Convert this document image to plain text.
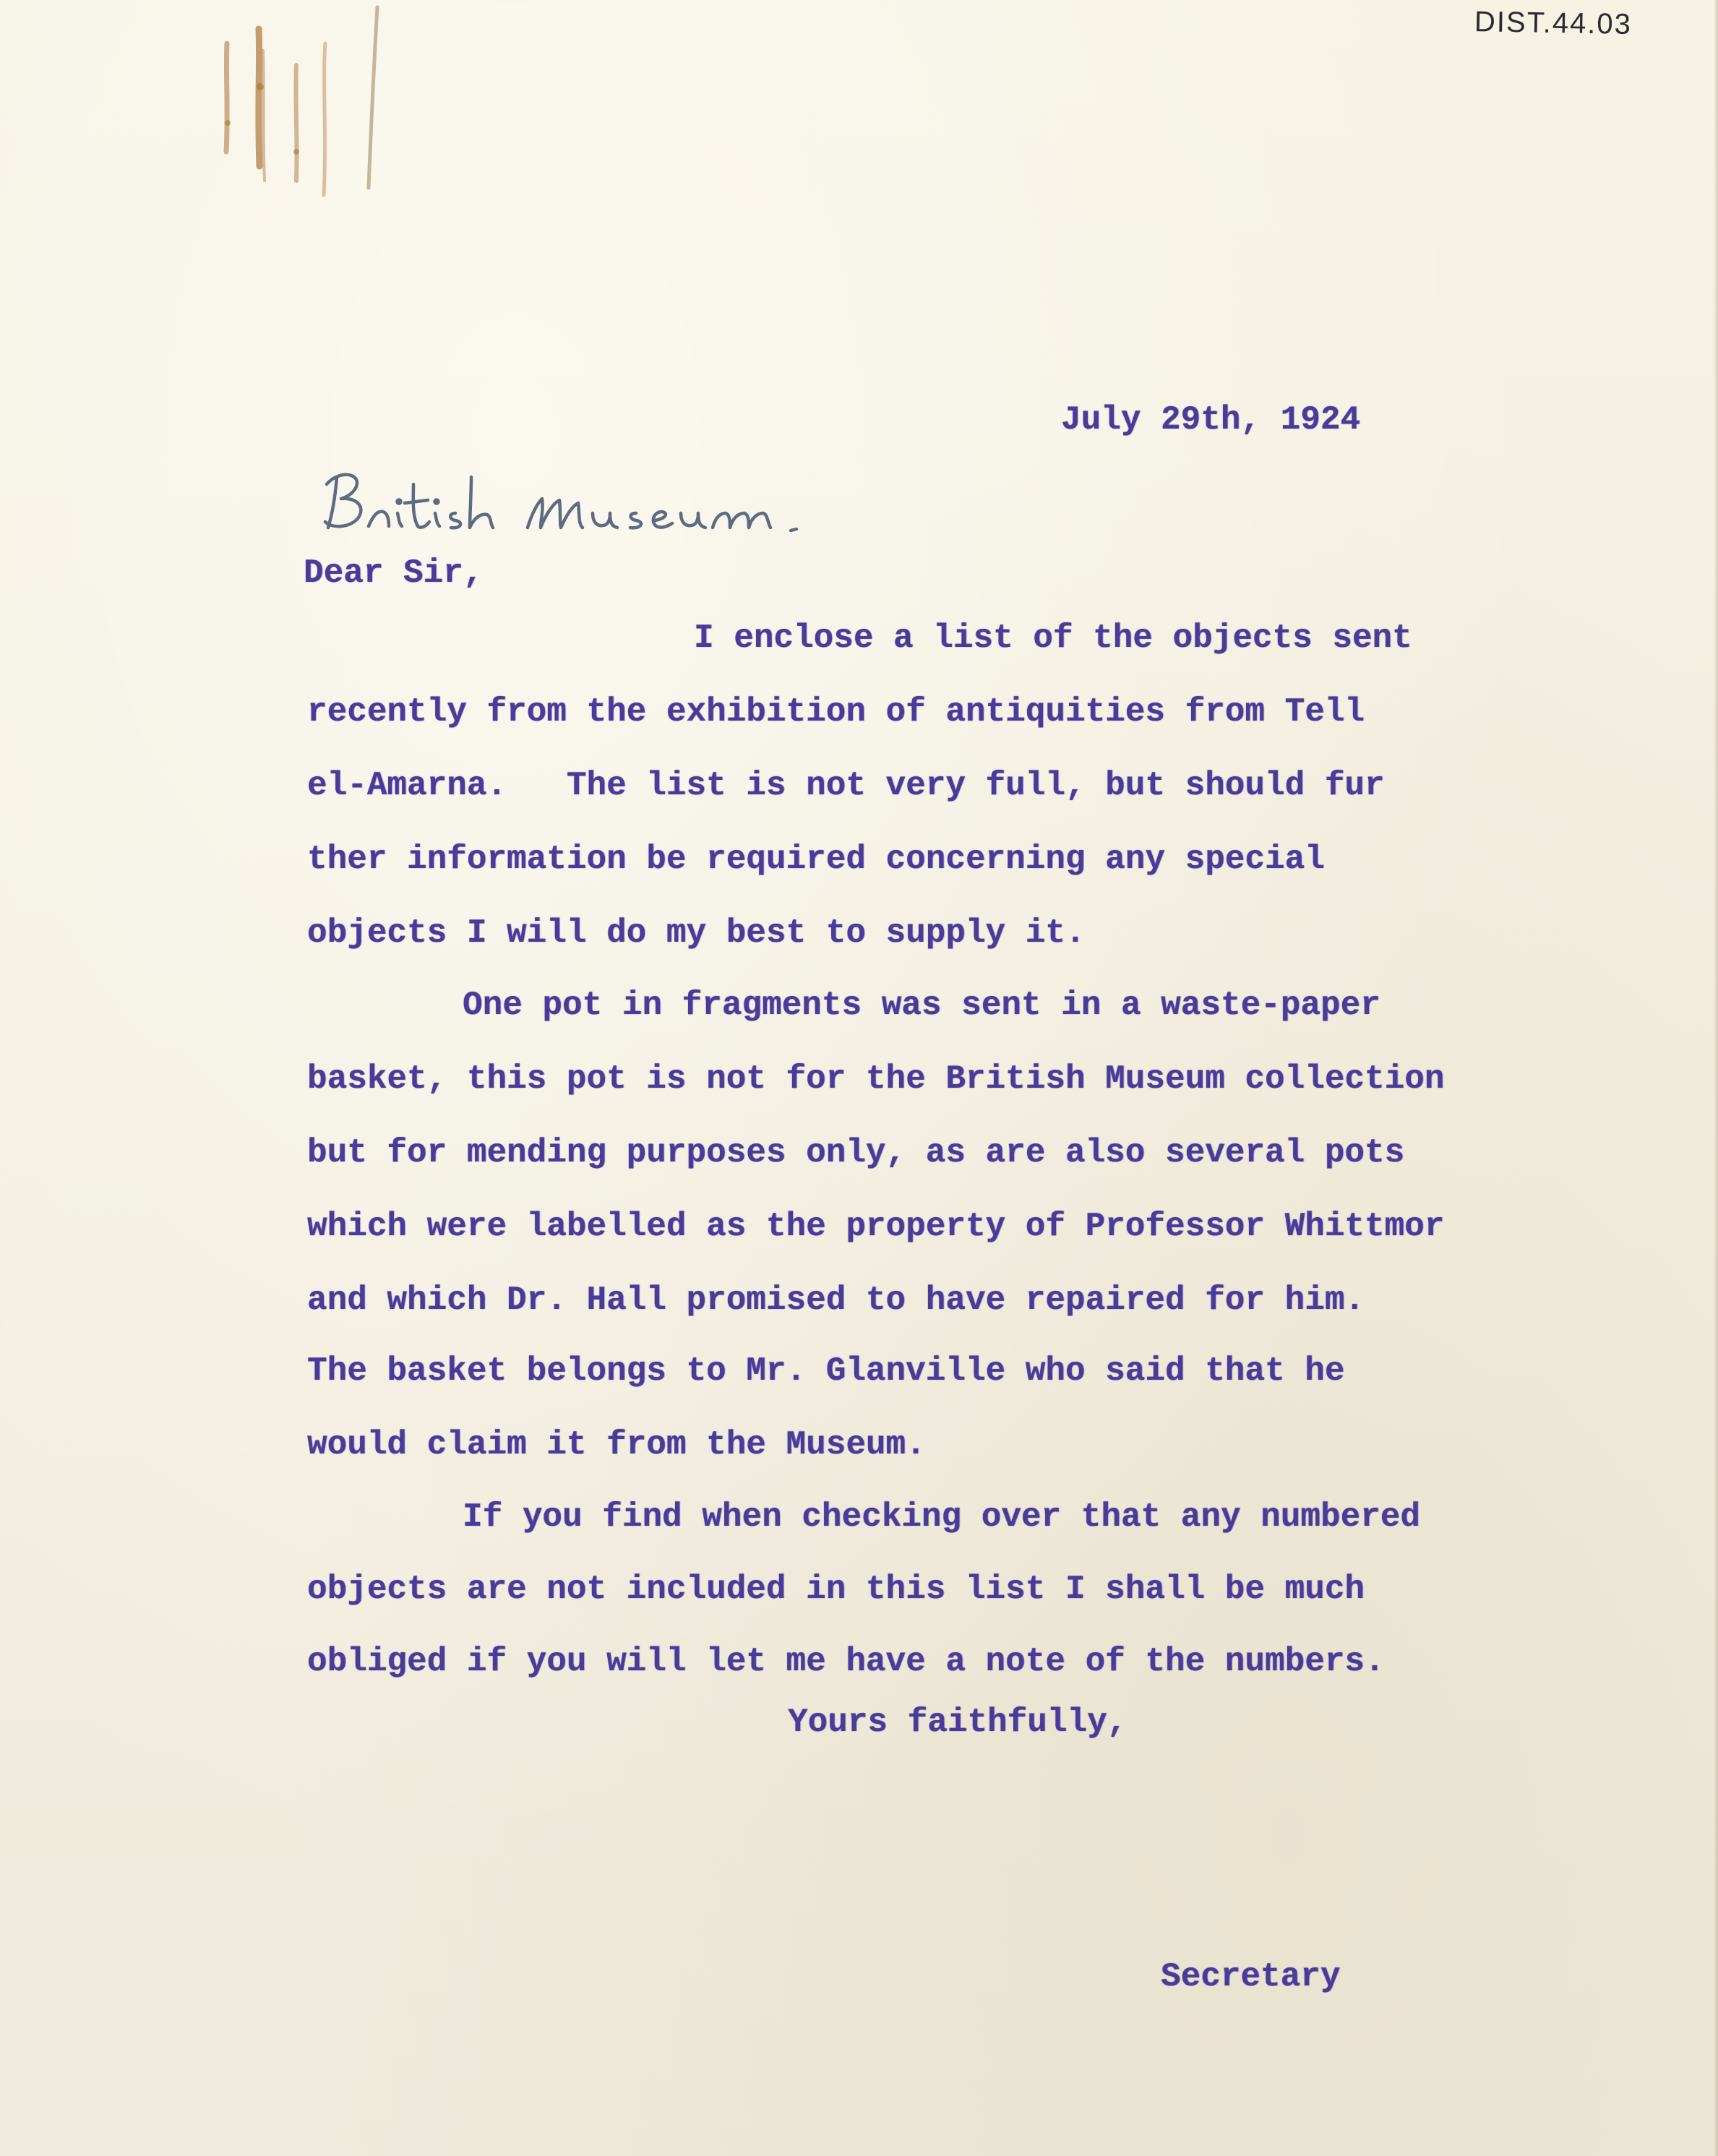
DIST.44.03

July 29th, 1924

Dear Sir,

I enclose a list of the objects sent

recently from the exhibition of antiquities from Tell

el-Amarna.   The list is not very full, but should fur

ther information be required concerning any special

objects I will do my best to supply it.

One pot in fragments was sent in a waste-paper

basket, this pot is not for the British Museum collection

but for mending purposes only, as are also several pots

which were labelled as the property of Professor Whittmor

and which Dr. Hall promised to have repaired for him.

The basket belongs to Mr. Glanville who said that he

would claim it from the Museum.

If you find when checking over that any numbered

objects are not included in this list I shall be much

obliged if you will let me have a note of the numbers.

Yours faithfully,

Secretary
